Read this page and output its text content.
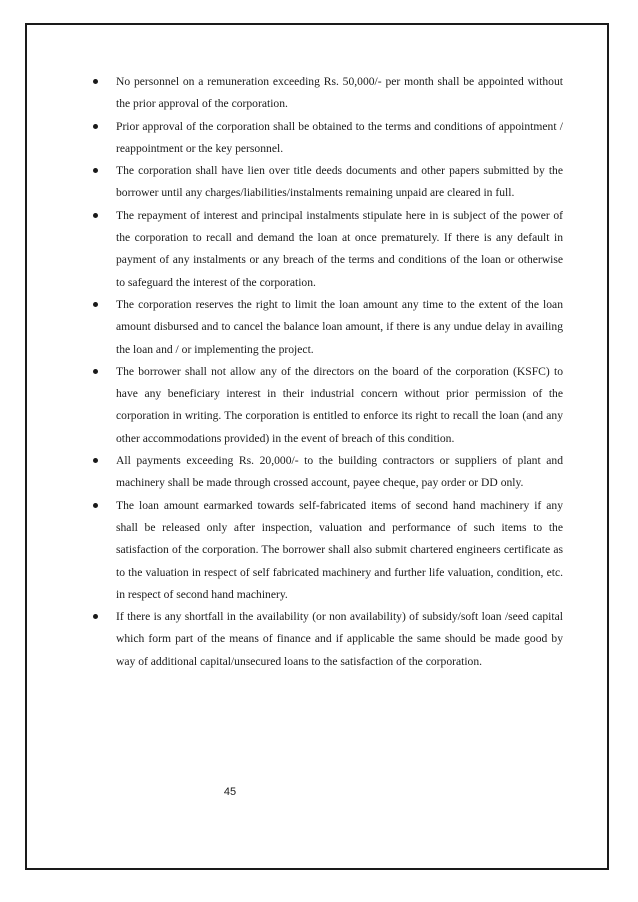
No personnel on a remuneration exceeding Rs. 50,000/- per month shall be appointed without the prior approval of the corporation.
Prior approval of the corporation shall be obtained to the terms and conditions of appointment / reappointment or the key personnel.
The corporation shall have lien over title deeds documents and other papers submitted by the borrower until any charges/liabilities/instalments remaining unpaid are cleared in full.
The repayment of interest and principal instalments stipulate here in is subject of the power of the corporation to recall and demand the loan at once prematurely. If there is any default in payment of any instalments or any breach of the terms and conditions of the loan or otherwise to safeguard the interest of the corporation.
The corporation reserves the right to limit the loan amount any time to the extent of the loan amount disbursed and to cancel the balance loan amount, if there is any undue delay in availing the loan and / or implementing the project.
The borrower shall not allow any of the directors on the board of the corporation (KSFC) to have any beneficiary interest in their industrial concern without prior permission of the corporation in writing. The corporation is entitled to enforce its right to recall the loan (and any other accommodations provided) in the event of breach of this condition.
All payments exceeding Rs. 20,000/- to the building contractors or suppliers of plant and machinery shall be made through crossed account, payee cheque, pay order or DD only.
The loan amount earmarked towards self-fabricated items of second hand machinery if any shall be released only after inspection, valuation and performance of such items to the satisfaction of the corporation. The borrower shall also submit chartered engineers certificate as to the valuation in respect of self fabricated machinery and further life valuation, condition, etc. in respect of second hand machinery.
If there is any shortfall in the availability (or non availability) of subsidy/soft loan /seed capital which form part of the means of finance and if applicable the same should be made good by way of additional capital/unsecured loans to the satisfaction of the corporation.
45
